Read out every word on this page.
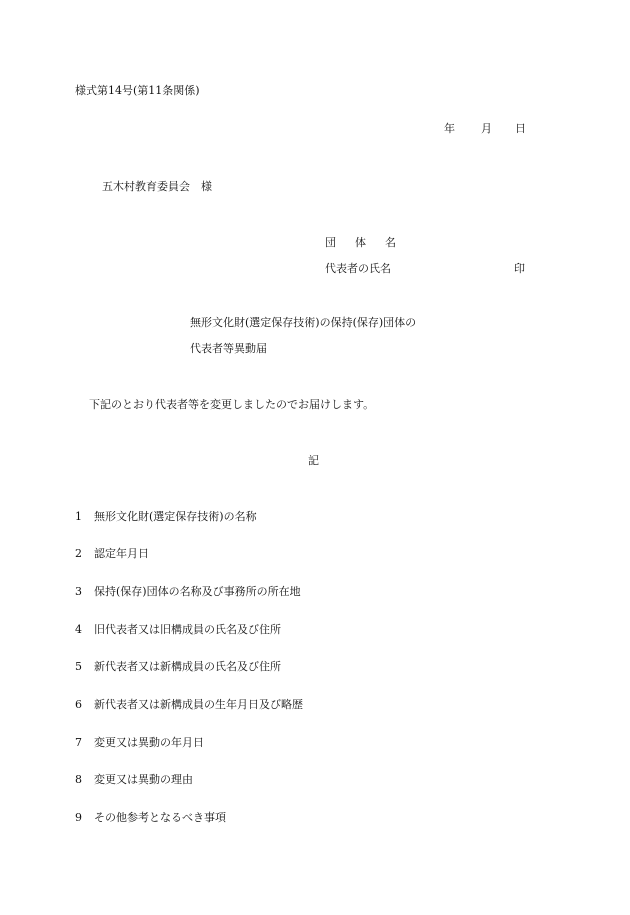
様式第14号(第11条関係)
年 月 日
五木村教育委員会　様
団 体 名
代表者の氏名	印
無形文化財(選定保存技術)の保持(保存)団体の
代表者等異動届
下記のとおり代表者等を変更しましたのでお届けします。
記
1 無形文化財(選定保存技術)の名称
2 認定年月日
3 保持(保存)団体の名称及び事務所の所在地
4 旧代表者又は旧構成員の氏名及び住所
5 新代表者又は新構成員の氏名及び住所
6 新代表者又は新構成員の生年月日及び略歴
7 変更又は異動の年月日
8 変更又は異動の理由
9 その他参考となるべき事項
